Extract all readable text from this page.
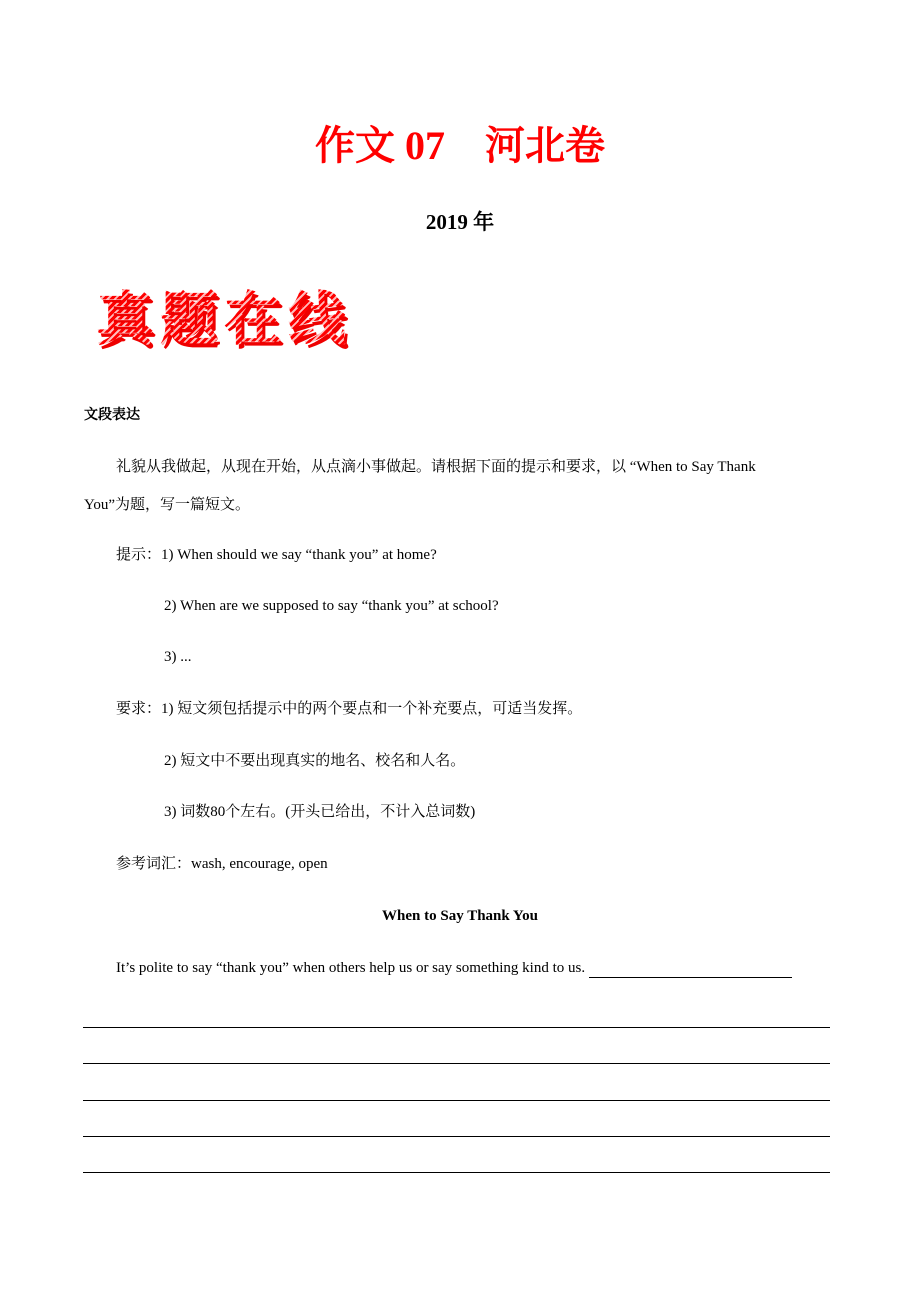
作文 07 河北卷
2019 年
真题在线
文段表达
礼貌从我做起，从现在开始，从点滴小事做起。请根据下面的提示和要求，以 “When to Say Thank
You”为题，写一篇短文。
提示：1) When should we say “thank you” at home?
2) When are we supposed to say “thank you” at school?
3) ...
要求：1) 短文须包括提示中的两个要点和一个补充要点，可适当发挥。
2) 短文中不要出现真实的地名、校名和人名。
3) 词数80个左右。(开头已给出，不计入总词数)
参考词汇：wash, encourage, open
When to Say Thank You
It’s polite to say “thank you” when others help us or say something kind to us.
